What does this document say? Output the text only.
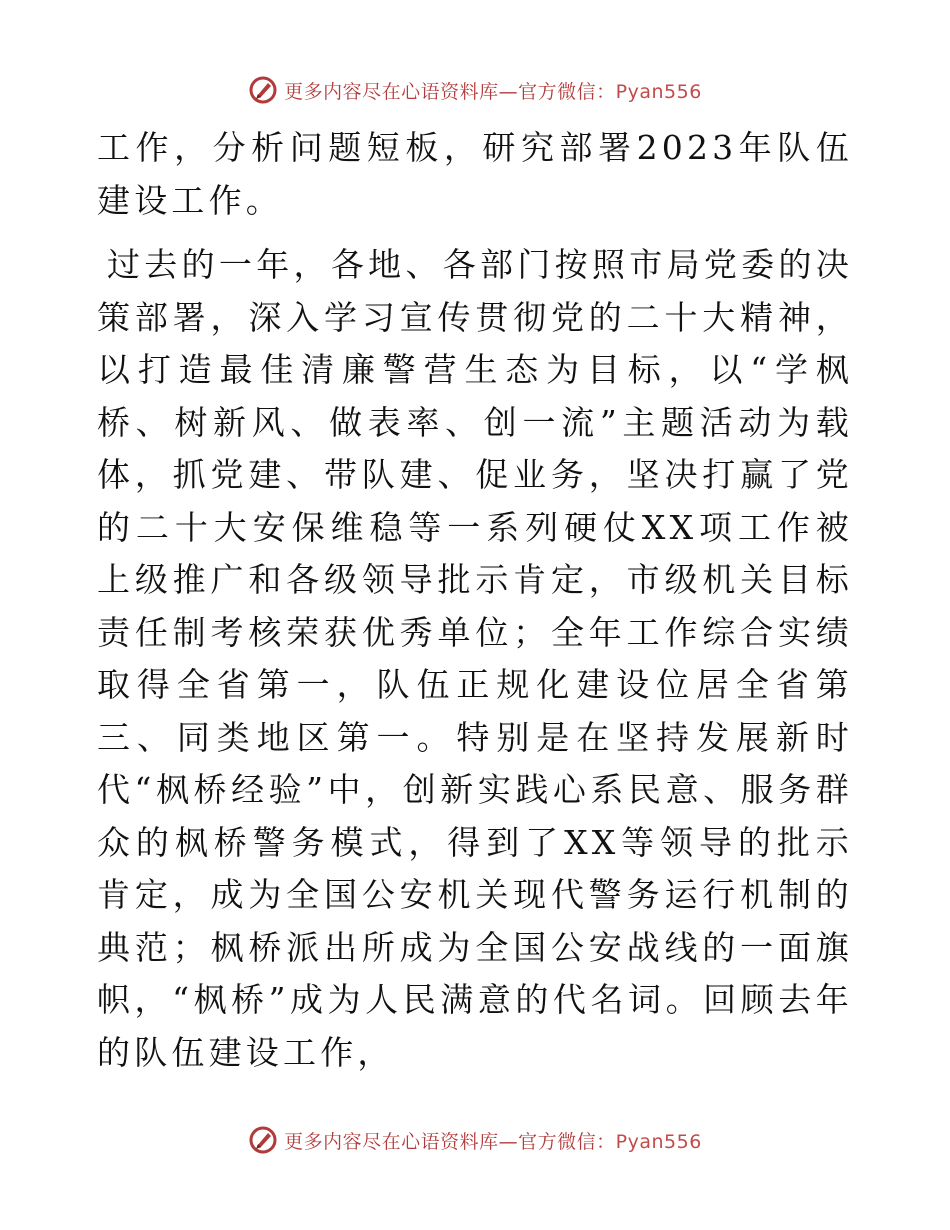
更多内容尽在心语资料库—官方微信：Pyan556

工作，分析问题短板，研究部署2023年队伍建设工作。

过去的一年，各地、各部门按照市局党委的决策部署，深入学习宣传贯彻党的二十大精神，以打造最佳清廉警营生态为目标，以“学枫桥、树新风、做表率、创一流”主题活动为载体，抓党建、带队建、促业务，坚决打赢了党的二十大安保维稳等一系列硬仗XX项工作被上级推广和各级领导批示肯定，市级机关目标责任制考核荣获优秀单位；全年工作综合实绩取得全省第一，队伍正规化建设位居全省第三、同类地区第一。特别是在坚持发展新时代“枫桥经验”中，创新实践心系民意、服务群众的枫桥警务模式，得到了XX等领导的批示肯定，成为全国公安机关现代警务运行机制的典范；枫桥派出所成为全国公安战线的一面旗帜，“枫桥”成为人民满意的代名词。回顾去年的队伍建设工作，

更多内容尽在心语资料库—官方微信：Pyan556
